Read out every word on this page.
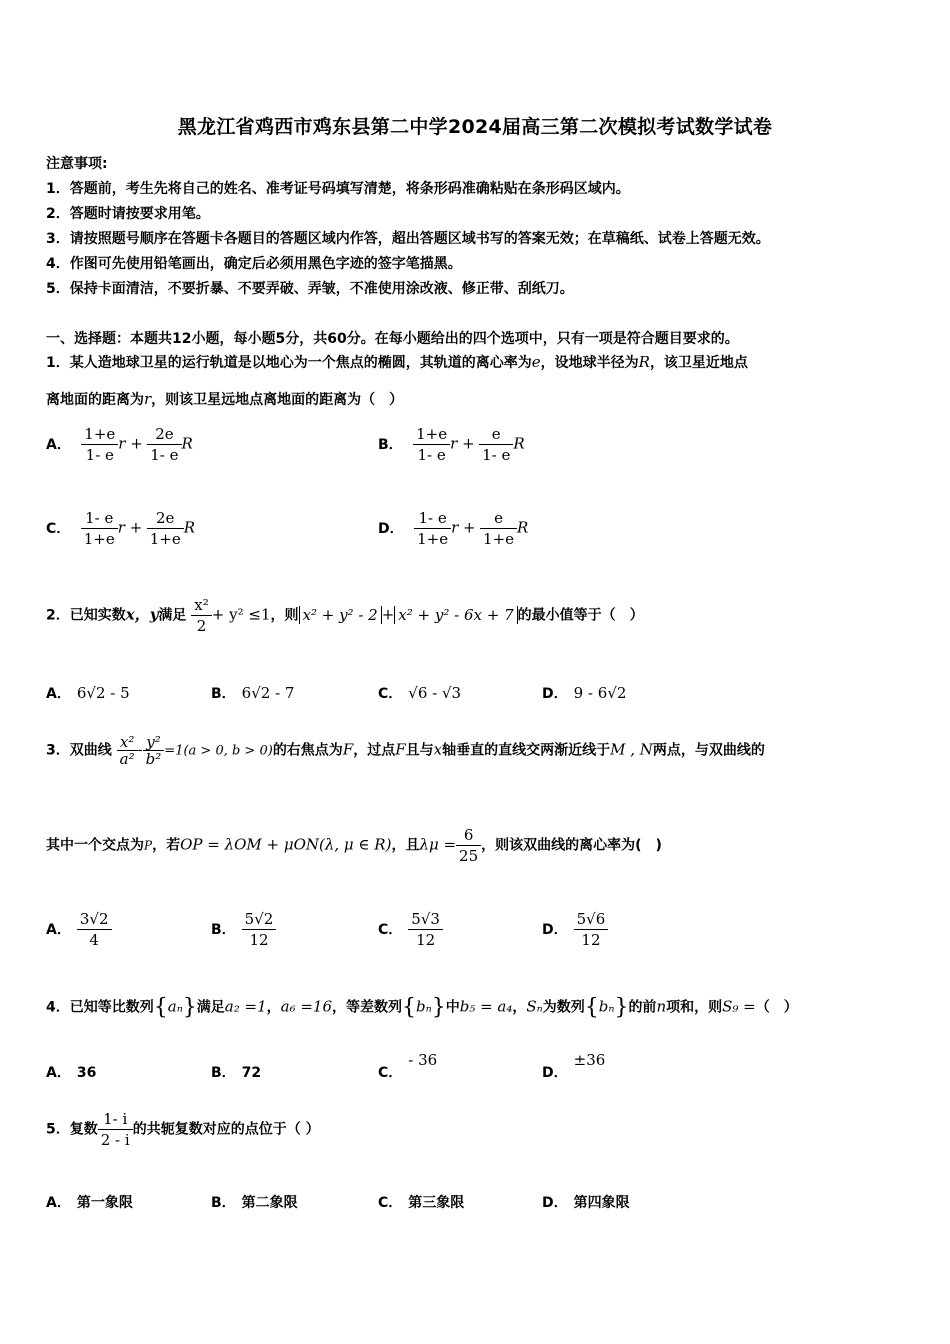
黑龙江省鸡西市鸡东县第二中学2024届高三第二次模拟考试数学试卷
注意事项:
1．答题前，考生先将自己的姓名、准考证号码填写清楚，将条形码准确粘贴在条形码区域内。
2．答题时请按要求用笔。
3．请按照题号顺序在答题卡各题目的答题区域内作答，超出答题区域书写的答案无效；在草稿纸、试卷上答题无效。
4．作图可先使用铅笔画出，确定后必须用黑色字迹的签字笔描黑。
5．保持卡面清洁，不要折暴、不要弄破、弄皱，不准使用涂改液、修正带、刮纸刀。
一、选择题：本题共12小题，每小题5分，共60分。在每小题给出的四个选项中，只有一项是符合题目要求的。
1．某人造地球卫星的运行轨道是以地心为一个焦点的椭圆，其轨道的离心率为e，设地球半径为R，该卫星近地点
离地面的距离为r，则该卫星远地点离地面的距离为（　）
A． $\frac{1+e}{1- e}$ $r + \frac{2e}{1- e}$ R	B． $\frac{1+e}{1- e}$ $r + \frac{e}{1- e}$ R
C． $\frac{1- e}{1+e}$ $r + \frac{2e}{1+e}$ R	D． $\frac{1- e}{1+e}$ $r + \frac{e}{1+e}$ R
2．已知实数x，y满足 $\frac{\text{x²}}{2} + y^2 \le 1$，则 x² + y² - 2 + x² + y² - 6x + 7 的最小值等于（　）
A． 6√2 - 5	B． 6√2 - 7	C． √6 - √3	D． 9 - 6√2
3．双曲线 $\frac{\text{x²}}{\text{a²}} - \frac{\text{y²}}{\text{b²}} =1(a > 0$, b > 0)的右焦点为F，过点F且与x轴垂直的直线交两渐近线于M , N两点，与双曲线的
其中一个交点为P，若OP = λOM + μON(λ, μ ∈ R)，且$\lambda\mu = \frac{6}{25}$ ，则该双曲线的离心率为(　)
A． $\frac{3√2}{4}$	B． $\frac{5√2}{12}$	C． $\frac{5√3}{12}$	D． $\frac{5√6}{12}$
4．已知等比数列{aₙ}满足a₂ =1，a₆ =16，等差数列{bₙ}中b₅ = a₄，Sₙ为数列{bₙ}的前n项和，则S₉ =（　）
A． 36	B． 72	C．- 36
D．±36
5．复数 $\frac{1- i}{2 - i}$ 的共轭复数对应的点位于（ ）
A． 第一象限	B． 第二象限	C． 第三象限	D． 第四象限
